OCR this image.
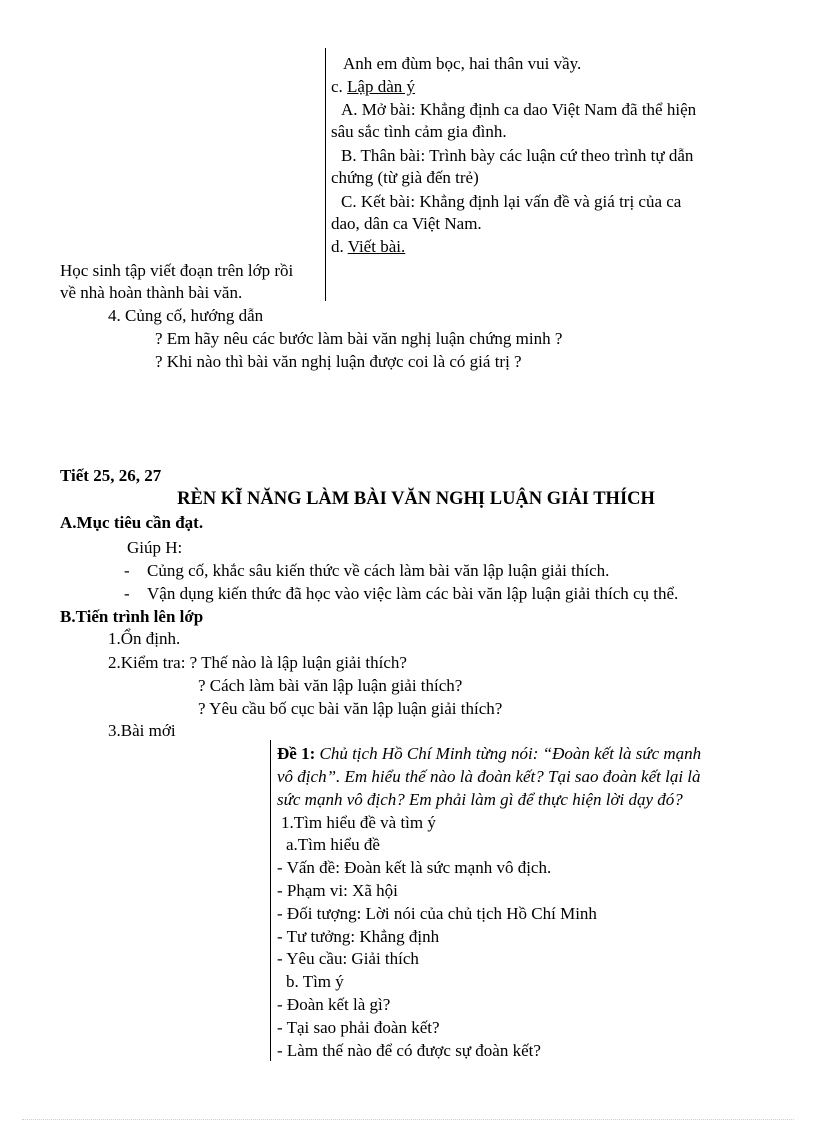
Anh em đùm bọc, hai thân vui vầy.
c. Lập dàn ý
A. Mở bài: Khẳng định ca dao Việt Nam đã thể hiện
sâu sắc tình cảm gia đình.
B. Thân bài: Trình bày các luận cứ theo trình tự dẫn
chứng (từ già đến trẻ)
C. Kết bài: Khẳng định lại vấn đề và giá trị của ca
dao, dân ca Việt Nam.
d. Viết bài.
Học sinh tập viết đoạn trên lớp rồi
về nhà hoàn thành bài văn.
4. Củng cố, hướng dẫn
? Em hãy nêu các bước làm bài văn nghị luận chứng minh ?
? Khi nào thì bài văn nghị luận được coi là có giá trị ?
Tiết 25, 26, 27
RÈN KĨ NĂNG LÀM BÀI VĂN NGHỊ LUẬN GIẢI THÍCH
A.Mục tiêu cần đạt.
Giúp H:
- Củng cố, khắc sâu kiến thức về cách làm bài văn lập luận giải thích.
- Vận dụng kiến thức đã học vào việc làm các bài văn lập luận giải thích cụ thể.
B.Tiến trình lên lớp
1.Ổn định.
2.Kiểm tra: ? Thế nào là lập luận giải thích?
? Cách làm bài văn lập luận giải thích?
? Yêu cầu bố cục bài văn lập luận giải thích?
3.Bài mới
Đề 1: Chủ tịch Hồ Chí Minh từng nói: “Đoàn kết là sức mạnh
vô địch”. Em hiểu thế nào là đoàn kết? Tại sao đoàn kết lại là
sức mạnh vô địch? Em phải làm gì để thực hiện lời dạy đó?
1.Tìm hiểu đề và tìm ý
a.Tìm hiểu đề
- Vấn đề: Đoàn kết là sức mạnh vô địch.
- Phạm vi: Xã hội
- Đối tượng: Lời nói của chủ tịch Hồ Chí Minh
- Tư tưởng: Khẳng định
- Yêu cầu: Giải thích
b. Tìm ý
- Đoàn kết là gì?
- Tại sao phải đoàn kết?
- Làm thế nào để có được sự đoàn kết?
